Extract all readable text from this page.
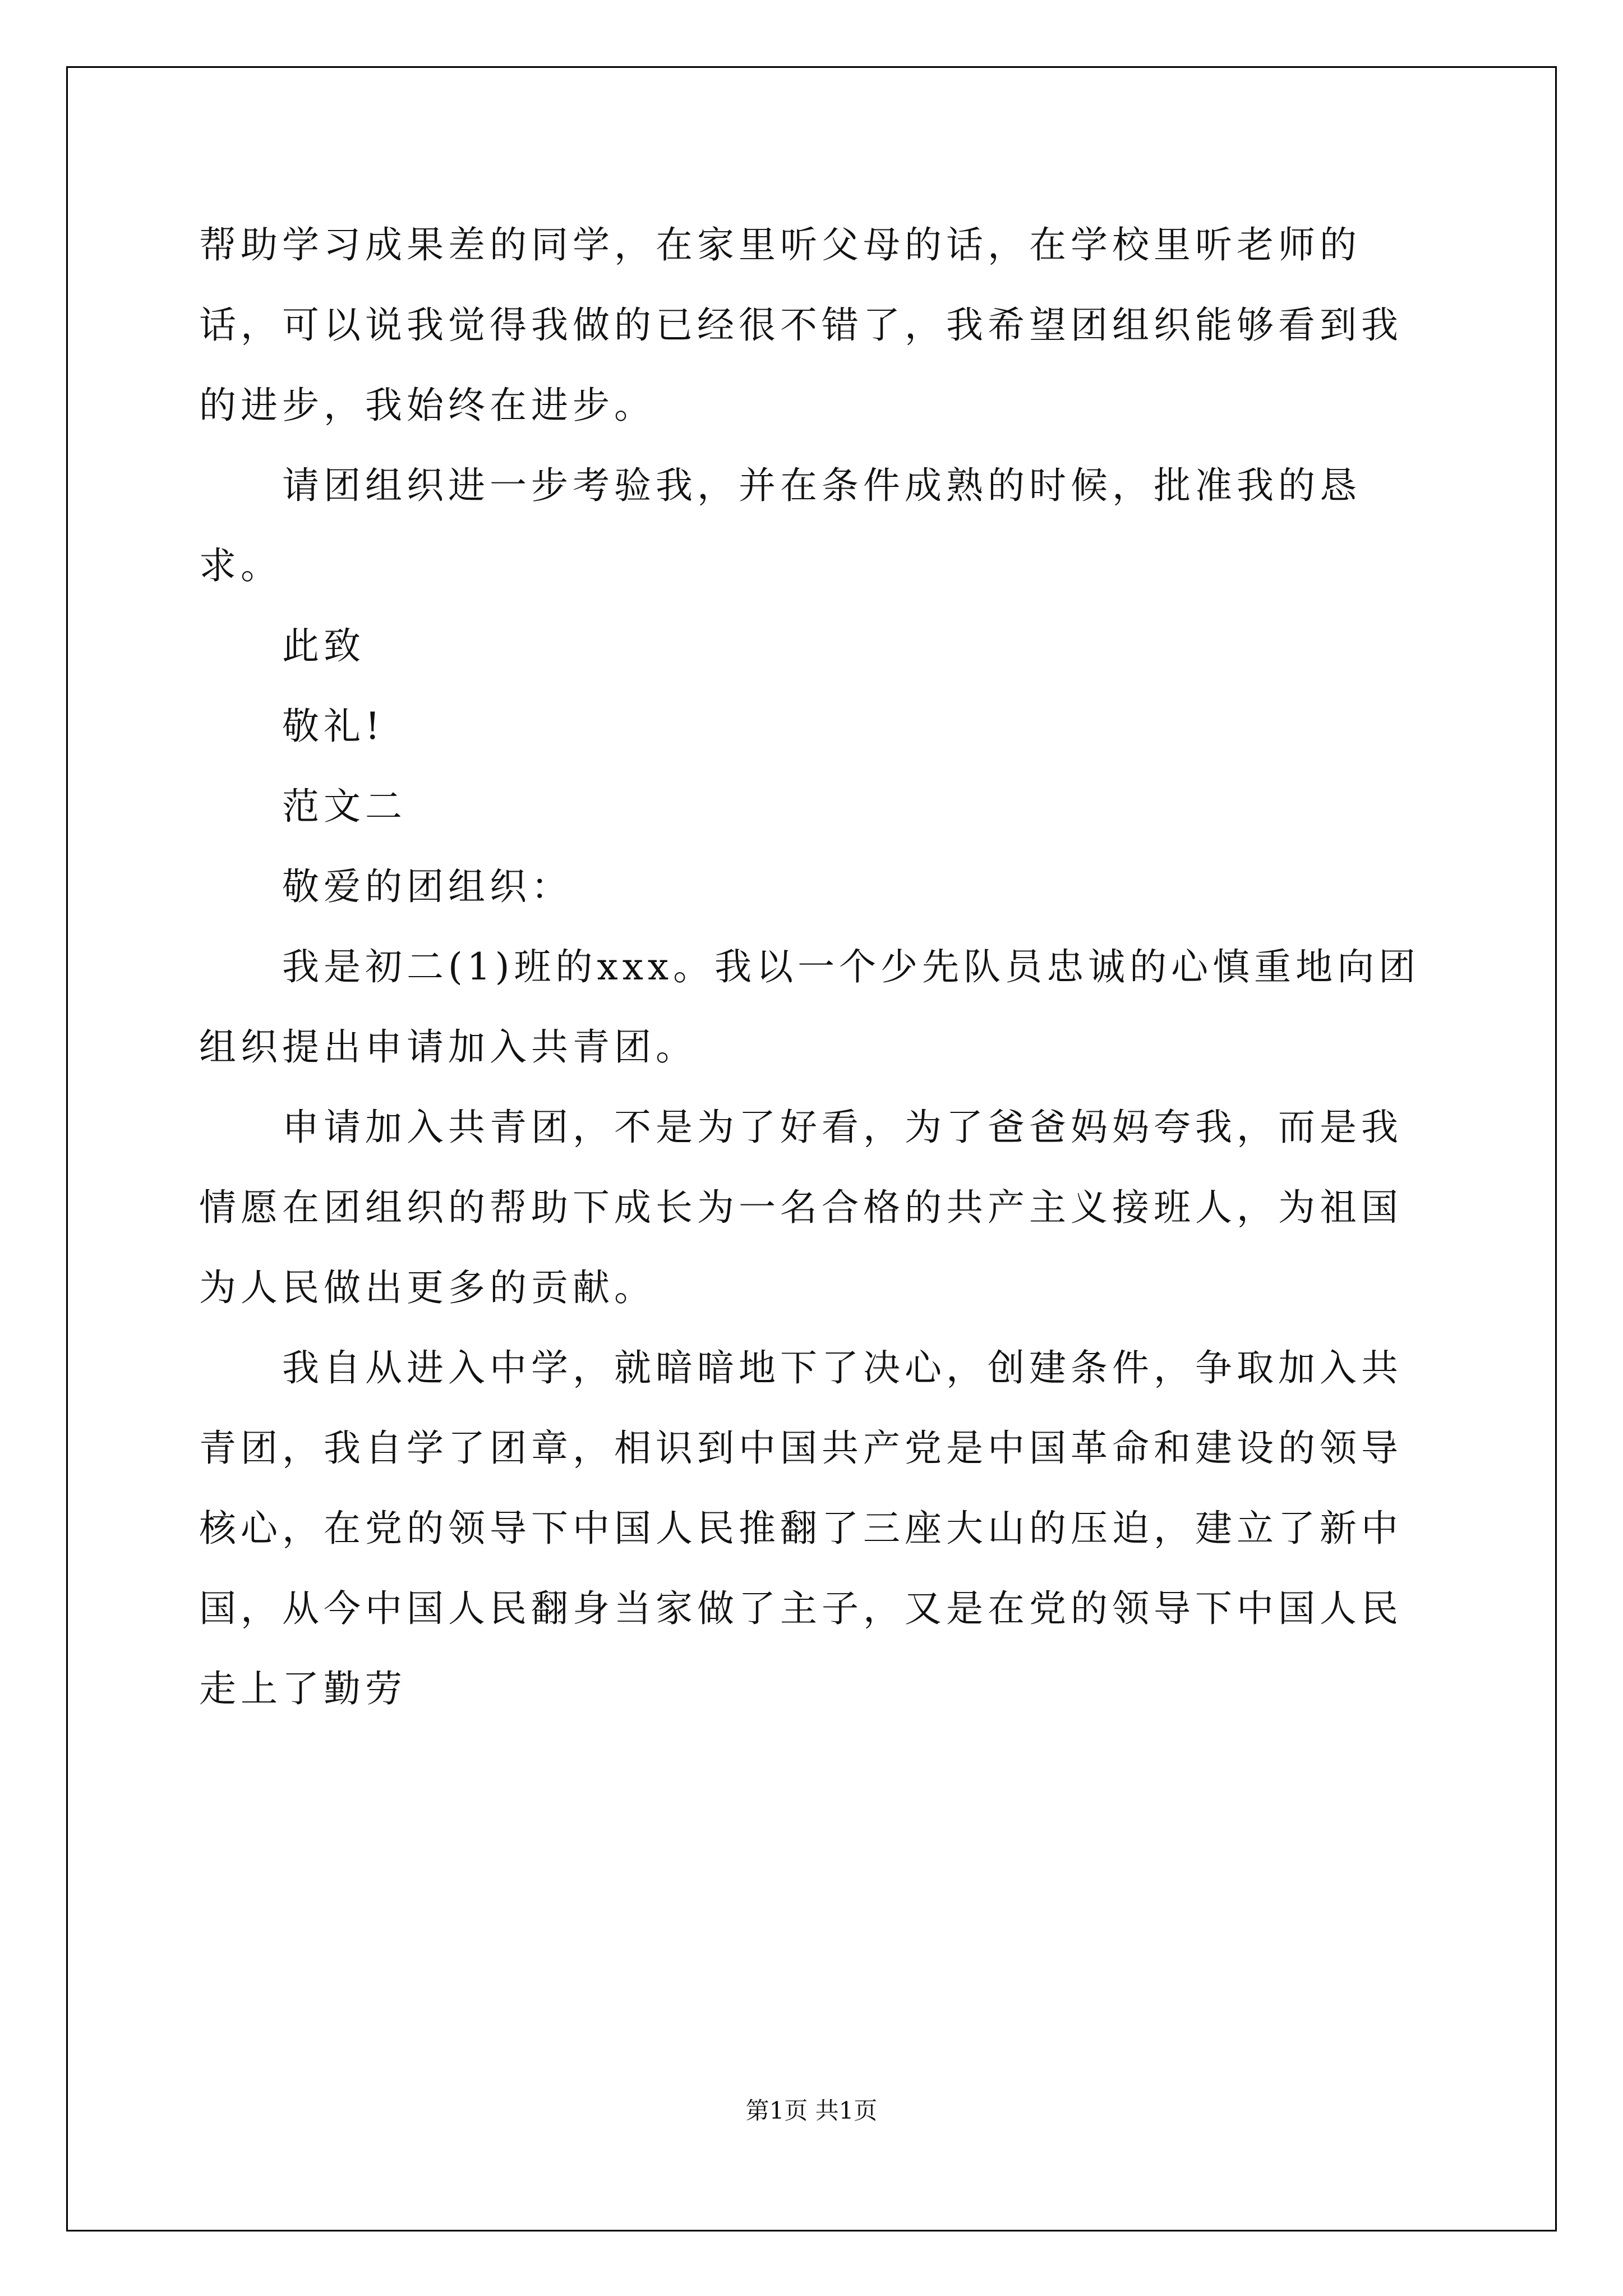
帮助学习成果差的同学，在家里听父母的话，在学校里听老师的话，可以说我觉得我做的已经很不错了，我希望团组织能够看到我的进步，我始终在进步。

请团组织进一步考验我，并在条件成熟的时候，批准我的恳求。

此致

敬礼!

范文二

敬爱的团组织：

我是初二(1)班的xxx。我以一个少先队员忠诚的心慎重地向团组织提出申请加入共青团。

申请加入共青团，不是为了好看，为了爸爸妈妈夸我，而是我情愿在团组织的帮助下成长为一名合格的共产主义接班人，为祖国为人民做出更多的贡献。

我自从进入中学，就暗暗地下了决心，创建条件，争取加入共青团，我自学了团章，相识到中国共产党是中国革命和建设的领导核心，在党的领导下中国人民推翻了三座大山的压迫，建立了新中国，从今中国人民翻身当家做了主子，又是在党的领导下中国人民走上了勤劳

第1页 共1页
